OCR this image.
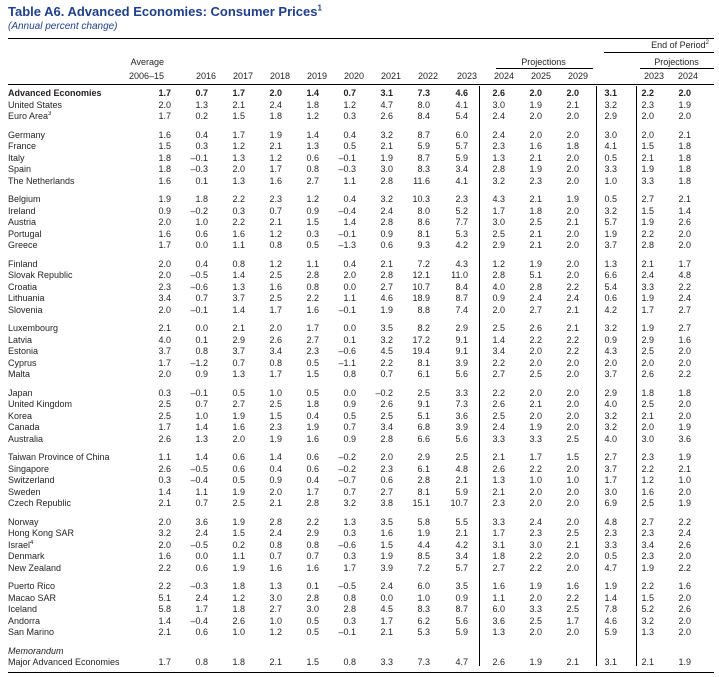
Table A6. Advanced Economies: Consumer Prices$^1$
(Annual percent change)
End of Period$^2$
Projections	Projections
Average
2006–15	2016	2017	2018	2019	2020	2021	2022	2023	2024	2025	2029	2023	2024
Advanced Economies	1.7	0.7	1.7	2.0	1.4	0.7	3.1	7.3	4.6	2.6	2.0	2.0	3.1	2.2	2.0	
United States	2.0	1.3	2.1	2.4	1.8	1.2	4.7	8.0	4.1	3.0	1.9	2.1	3.2	2.3	1.9	
Euro Area$^3$	1.7	0.2	1.5	1.8	1.2	0.3	2.6	8.4	5.4	2.4	2.0	2.0	2.9	2.0	2.0	

Germany	1.6	0.4	1.7	1.9	1.4	0.4	3.2	8.7	6.0	2.4	2.0	2.0	3.0	2.0	2.1	
France	1.5	0.3	1.2	2.1	1.3	0.5	2.1	5.9	5.7	2.3	1.6	1.8	4.1	1.5	1.8	
Italy	1.8	–0.1	1.3	1.2	0.6	–0.1	1.9	8.7	5.9	1.3	2.1	2.0	0.5	2.1	1.8	
Spain	1.8	–0.3	2.0	1.7	0.8	–0.3	3.0	8.3	3.4	2.8	1.9	2.0	3.3	1.9	1.8	
The Netherlands	1.6	0.1	1.3	1.6	2.7	1.1	2.8	11.6	4.1	3.2	2.3	2.0	1.0	3.3	1.8	

Belgium	1.9	1.8	2.2	2.3	1.2	0.4	3.2	10.3	2.3	4.3	2.1	1.9	0.5	2.7	2.1	
Ireland	0.9	–0.2	0.3	0.7	0.9	–0.4	2.4	8.0	5.2	1.7	1.8	2.0	3.2	1.5	1.4	
Austria	2.0	1.0	2.2	2.1	1.5	1.4	2.8	8.6	7.7	3.0	2.5	2.1	5.7	1.9	2.6	
Portugal	1.6	0.6	1.6	1.2	0.3	–0.1	0.9	8.1	5.3	2.5	2.1	2.0	1.9	2.2	2.0	
Greece	1.7	0.0	1.1	0.8	0.5	–1.3	0.6	9.3	4.2	2.9	2.1	2.0	3.7	2.8	2.0	

Finland	2.0	0.4	0.8	1.2	1.1	0.4	2.1	7.2	4.3	1.2	1.9	2.0	1.3	2.1	1.7	
Slovak Republic	2.0	–0.5	1.4	2.5	2.8	2.0	2.8	12.1	11.0	2.8	5.1	2.0	6.6	2.4	4.8	
Croatia	2.3	–0.6	1.3	1.6	0.8	0.0	2.7	10.7	8.4	4.0	2.8	2.2	5.4	3.3	2.2	
Lithuania	3.4	0.7	3.7	2.5	2.2	1.1	4.6	18.9	8.7	0.9	2.4	2.4	0.6	1.9	2.4	
Slovenia	2.0	–0.1	1.4	1.7	1.6	–0.1	1.9	8.8	7.4	2.0	2.7	2.1	4.2	1.7	2.7	

Luxembourg	2.1	0.0	2.1	2.0	1.7	0.0	3.5	8.2	2.9	2.5	2.6	2.1	3.2	1.9	2.7	
Latvia	4.0	0.1	2.9	2.6	2.7	0.1	3.2	17.2	9.1	1.4	2.2	2.2	0.9	2.9	1.6	
Estonia	3.7	0.8	3.7	3.4	2.3	–0.6	4.5	19.4	9.1	3.4	2.0	2.2	4.3	2.5	2.0	
Cyprus	1.7	–1.2	0.7	0.8	0.5	–1.1	2.2	8.1	3.9	2.2	2.0	2.0	2.0	2.0	2.0	
Malta	2.0	0.9	1.3	1.7	1.5	0.8	0.7	6.1	5.6	2.7	2.5	2.0	3.7	2.6	2.2	

Japan	0.3	–0.1	0.5	1.0	0.5	0.0	–0.2	2.5	3.3	2.2	2.0	2.0	2.9	1.8	1.8	
United Kingdom	2.5	0.7	2.7	2.5	1.8	0.9	2.6	9.1	7.3	2.6	2.1	2.0	4.0	2.5	2.0	
Korea	2.5	1.0	1.9	1.5	0.4	0.5	2.5	5.1	3.6	2.5	2.0	2.0	3.2	2.1	2.0	
Canada	1.7	1.4	1.6	2.3	1.9	0.7	3.4	6.8	3.9	2.4	1.9	2.0	3.2	2.0	1.9	
Australia	2.6	1.3	2.0	1.9	1.6	0.9	2.8	6.6	5.6	3.3	3.3	2.5	4.0	3.0	3.6	

Taiwan Province of China	1.1	1.4	0.6	1.4	0.6	–0.2	2.0	2.9	2.5	2.1	1.7	1.5	2.7	2.3	1.9	
Singapore	2.6	–0.5	0.6	0.4	0.6	–0.2	2.3	6.1	4.8	2.6	2.2	2.0	3.7	2.2	2.1	
Switzerland	0.3	–0.4	0.5	0.9	0.4	–0.7	0.6	2.8	2.1	1.3	1.0	1.0	1.7	1.2	1.0	
Sweden	1.4	1.1	1.9	2.0	1.7	0.7	2.7	8.1	5.9	2.1	2.0	2.0	3.0	1.6	2.0	
Czech Republic	2.1	0.7	2.5	2.1	2.8	3.2	3.8	15.1	10.7	2.3	2.0	2.0	6.9	2.5	1.9	

Norway	2.0	3.6	1.9	2.8	2.2	1.3	3.5	5.8	5.5	3.3	2.4	2.0	4.8	2.7	2.2	
Hong Kong SAR	3.2	2.4	1.5	2.4	2.9	0.3	1.6	1.9	2.1	1.7	2.3	2.5	2.3	2.3	2.4	
Israel$^4$	2.0	–0.5	0.2	0.8	0.8	–0.6	1.5	4.4	4.2	3.1	3.0	2.1	3.3	3.4	2.6	
Denmark	1.6	0.0	1.1	0.7	0.7	0.3	1.9	8.5	3.4	1.8	2.2	2.0	0.5	2.3	2.0	
New Zealand	2.2	0.6	1.9	1.6	1.6	1.7	3.9	7.2	5.7	2.7	2.2	2.0	4.7	1.9	2.2	

Puerto Rico	2.2	–0.3	1.8	1.3	0.1	–0.5	2.4	6.0	3.5	1.6	1.9	1.6	1.9	2.2	1.6	
Macao SAR	5.1	2.4	1.2	3.0	2.8	0.8	0.0	1.0	0.9	1.1	2.0	2.2	1.4	1.5	2.0	
Iceland	5.8	1.7	1.8	2.7	3.0	2.8	4.5	8.3	8.7	6.0	3.3	2.5	7.8	5.2	2.6	
Andorra	1.4	–0.4	2.6	1.0	0.5	0.3	1.7	6.2	5.6	3.6	2.5	1.7	4.6	3.2	2.0	
San Marino	2.1	0.6	1.0	1.2	0.5	–0.1	2.1	5.3	5.9	1.3	2.0	2.0	5.9	1.3	2.0	

Memorandum																
Major Advanced Economies	1.7	0.8	1.8	2.1	1.5	0.8	3.3	7.3	4.7	2.6	1.9	2.1	3.1	2.1	1.9	
